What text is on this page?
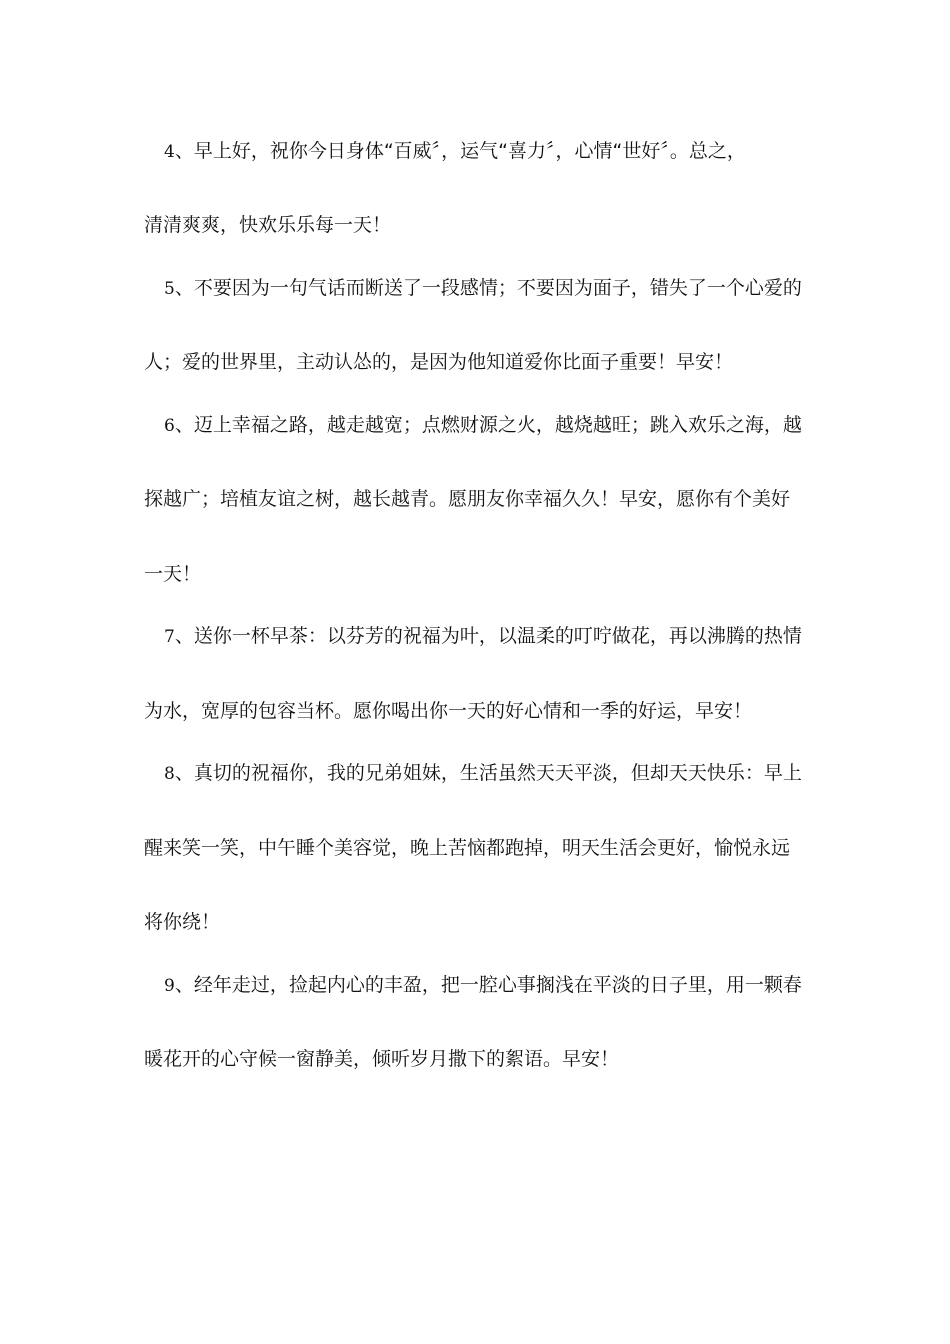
4、早上好，祝你今日身体“百威〞，运气“喜力〞，心情“世好〞。总之，
清清爽爽，快欢乐乐每一天！
5、不要因为一句气话而断送了一段感情；不要因为面子，错失了一个心爱的
人；爱的世界里，主动认怂的，是因为他知道爱你比面子重要！早安！
6、迈上幸福之路，越走越宽；点燃财源之火，越烧越旺；跳入欢乐之海，越
探越广；培植友谊之树，越长越青。愿朋友你幸福久久！早安，愿你有个美好
一天！
7、送你一杯早茶：以芬芳的祝福为叶，以温柔的叮咛做花，再以沸腾的热情
为水，宽厚的包容当杯。愿你喝出你一天的好心情和一季的好运，早安！
8、真切的祝福你，我的兄弟姐妹，生活虽然天天平淡，但却天天快乐：早上
醒来笑一笑，中午睡个美容觉，晚上苦恼都跑掉，明天生活会更好，愉悦永远
将你绕！
9、经年走过，捡起内心的丰盈，把一腔心事搁浅在平淡的日子里，用一颗春
暖花开的心守候一窗静美，倾听岁月撒下的絮语。早安！
